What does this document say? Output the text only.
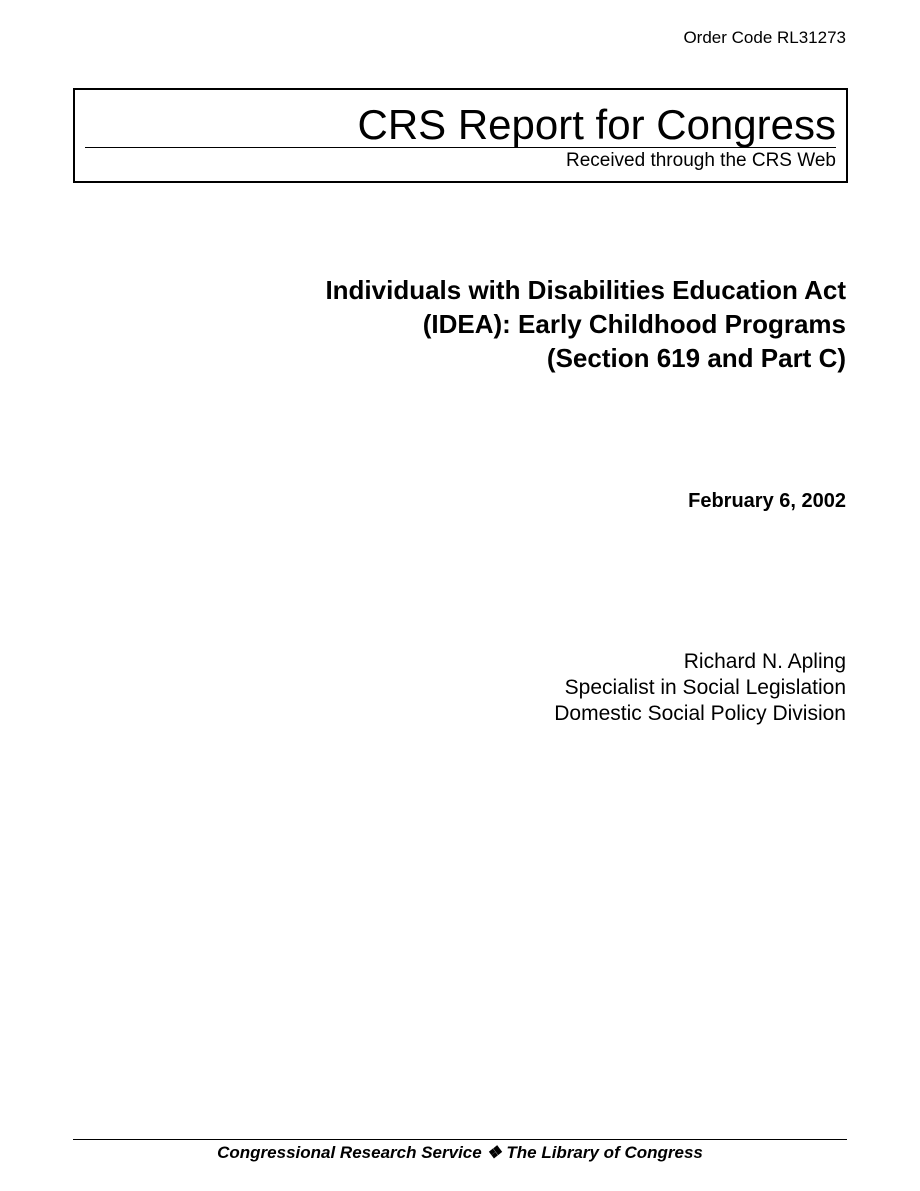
Order Code RL31273
CRS Report for Congress
Received through the CRS Web
Individuals with Disabilities Education Act
(IDEA): Early Childhood Programs
(Section 619 and Part C)
February 6, 2002
Richard N. Apling
Specialist in Social Legislation
Domestic Social Policy Division
Congressional Research Service ❖ The Library of Congress
